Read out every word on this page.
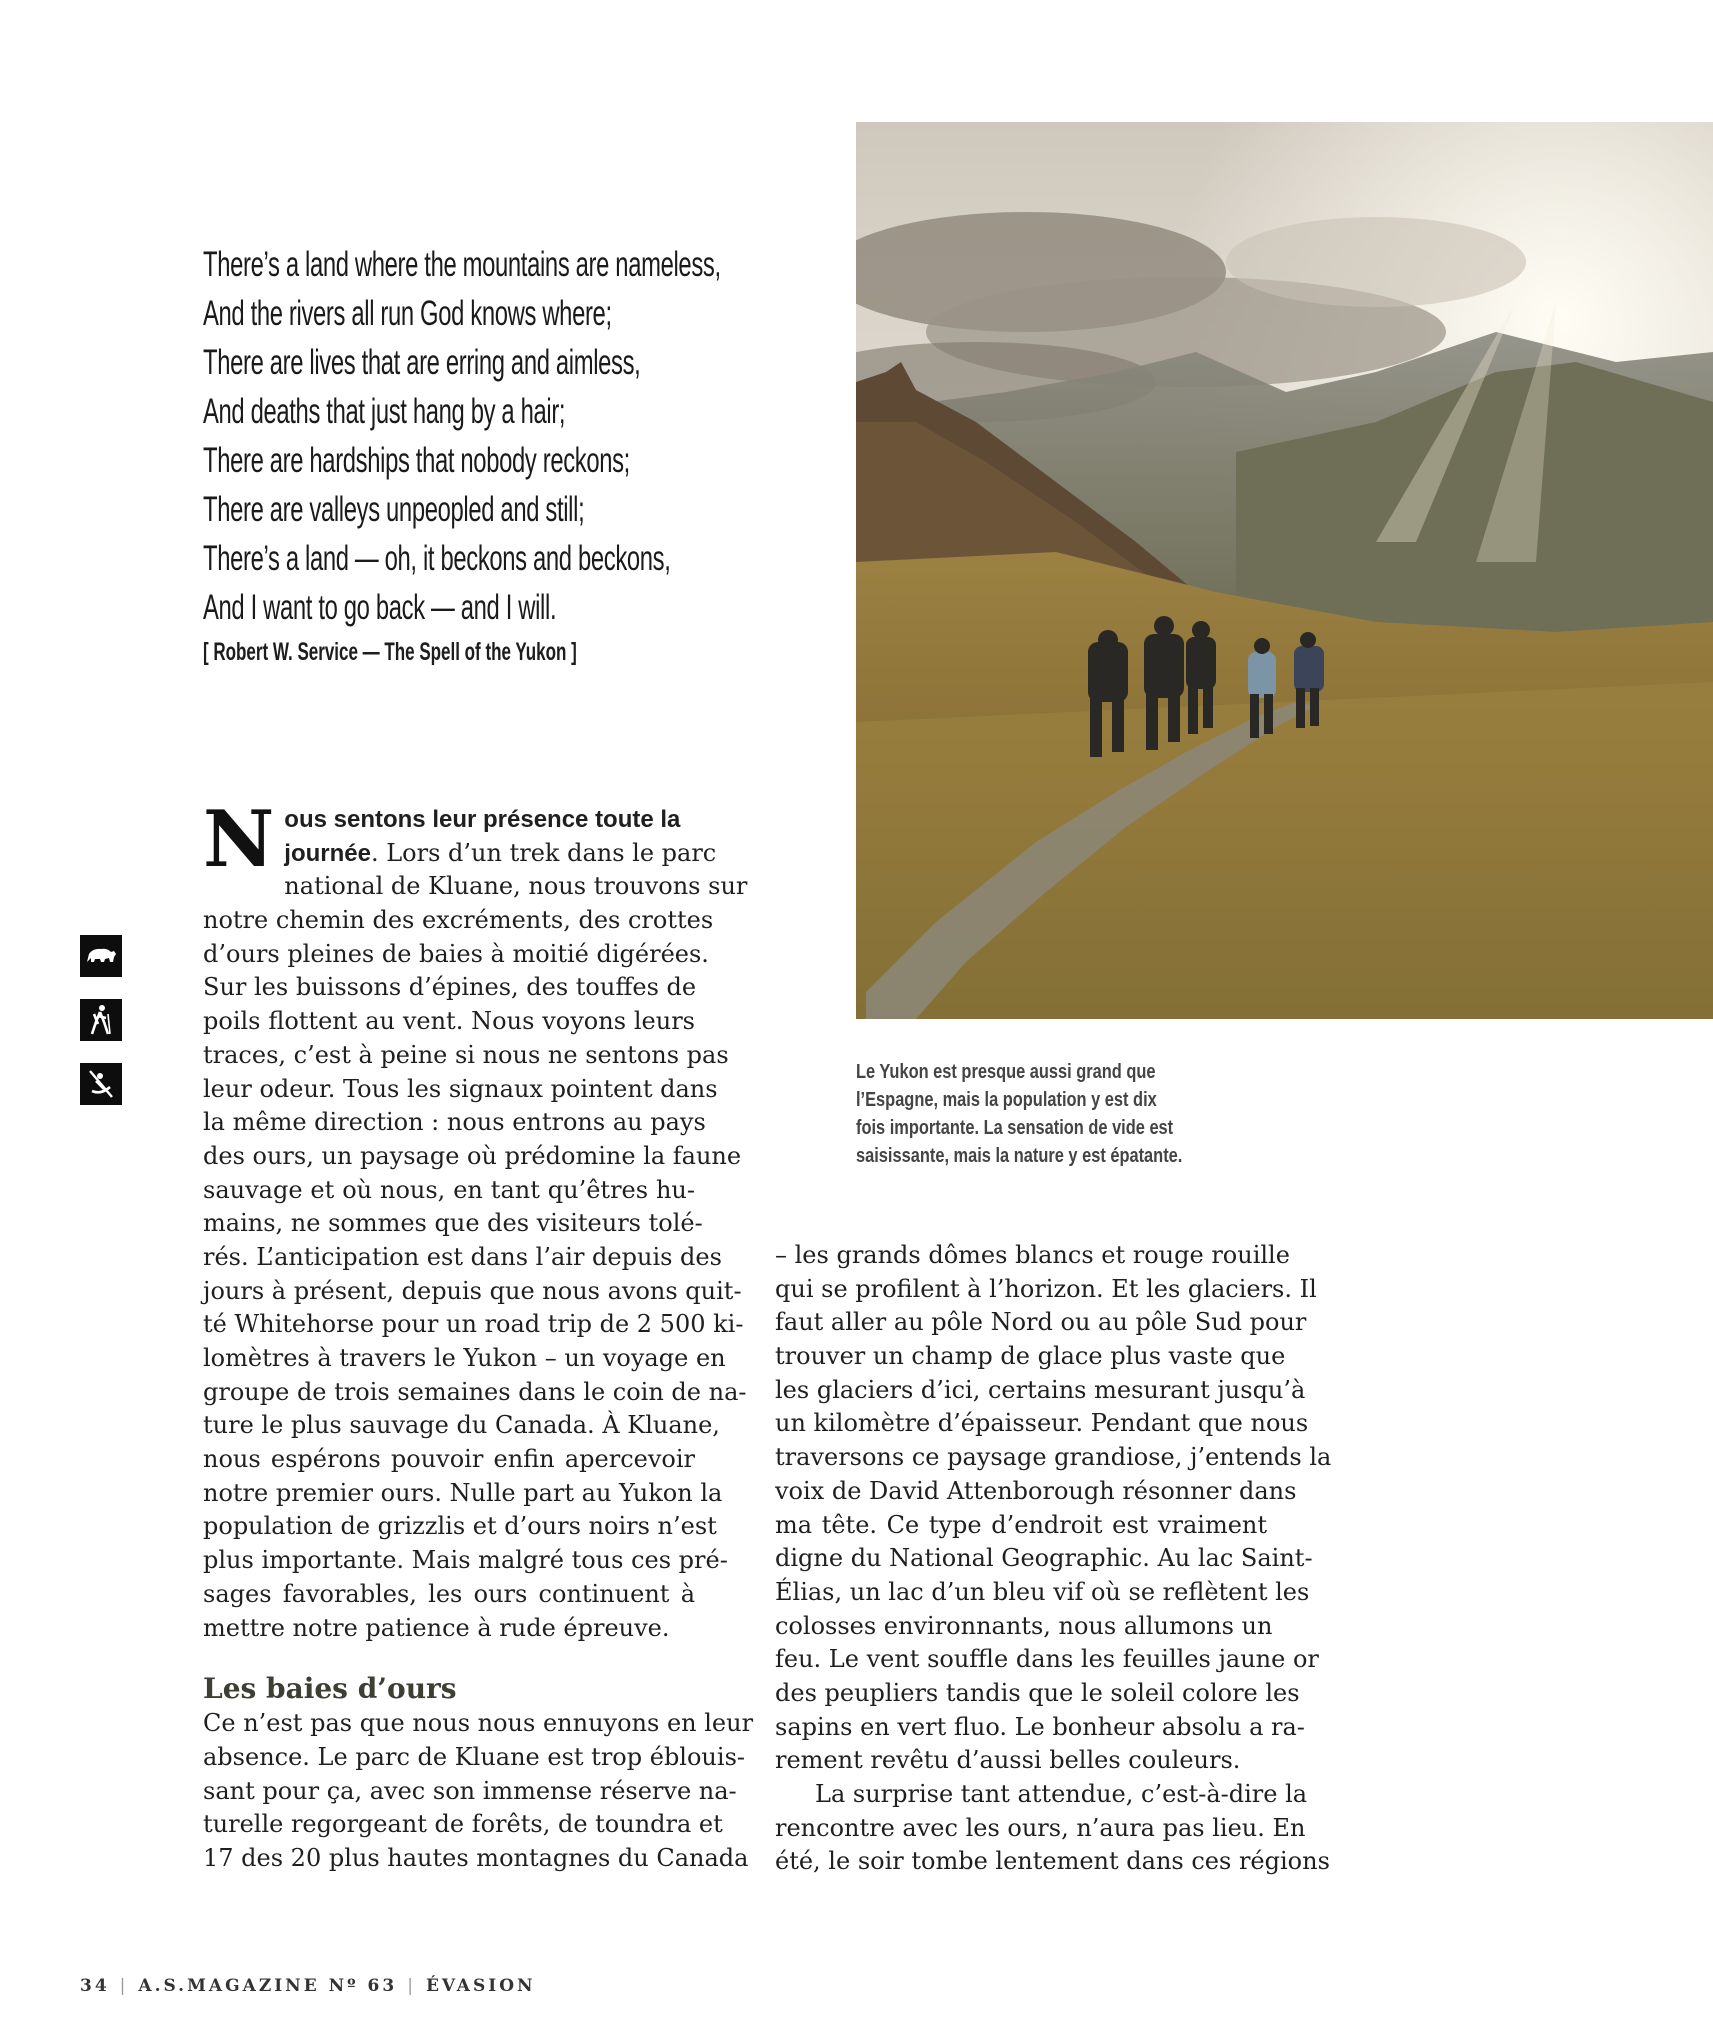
There’s a land where the mountains are nameless,
And the rivers all run God knows where;
There are lives that are erring and aimless,
And deaths that just hang by a hair;
There are hardships that nobody reckons;
There are valleys unpeopled and still;
There’s a land — oh, it beckons and beckons,
And I want to go back — and I will.
[ Robert W. Service — The Spell of the Yukon ]
Le Yukon est presque aussi grand que
l’Espagne, mais la population y est dix
fois importante. La sensation de vide est
saisissante, mais la nature y est épatante.
N ous sentons leur présence toute la
journée. Lors d’un trek dans le parc
national de Kluane, nous trouvons sur
notre chemin des excréments, des crottes
d’ours pleines de baies à moitié digérées.
Sur les buissons d’épines, des touffes de
poils flottent au vent. Nous voyons leurs
traces, c’est à peine si nous ne sentons pas
leur odeur. Tous les signaux pointent dans
la même direction : nous entrons au pays
des ours, un paysage où prédomine la faune
sauvage et où nous, en tant qu’êtres hu-
mains, ne sommes que des visiteurs tolé-
rés. L’anticipation est dans l’air depuis des
jours à présent, depuis que nous avons quit-
té Whitehorse pour un road trip de 2 500 ki-
lomètres à travers le Yukon – un voyage en
groupe de trois semaines dans le coin de na-
ture le plus sauvage du Canada. À Kluane,
nous espérons pouvoir enfin apercevoir
notre premier ours. Nulle part au Yukon la
population de grizzlis et d’ours noirs n’est
plus importante. Mais malgré tous ces pré-
sages favorables, les ours continuent à
mettre notre patience à rude épreuve.
Les baies d’ours
Ce n’est pas que nous nous ennuyons en leur
absence. Le parc de Kluane est trop éblouis-
sant pour ça, avec son immense réserve na-
turelle regorgeant de forêts, de toundra et
17 des 20 plus hautes montagnes du Canada
– les grands dômes blancs et rouge rouille
qui se profilent à l’horizon. Et les glaciers. Il
faut aller au pôle Nord ou au pôle Sud pour
trouver un champ de glace plus vaste que
les glaciers d’ici, certains mesurant jusqu’à
un kilomètre d’épaisseur. Pendant que nous
traversons ce paysage grandiose, j’entends la
voix de David Attenborough résonner dans
ma tête. Ce type d’endroit est vraiment
digne du National Geographic. Au lac Saint-
Élias, un lac d’un bleu vif où se reflètent les
colosses environnants, nous allumons un
feu. Le vent souffle dans les feuilles jaune or
des peupliers tandis que le soleil colore les
sapins en vert fluo. Le bonheur absolu a ra-
rement revêtu d’aussi belles couleurs.
La surprise tant attendue, c’est-à-dire la
rencontre avec les ours, n’aura pas lieu. En
été, le soir tombe lentement dans ces régions
34 | A.S.MAGAZINE Nº 63 | ÉVASION
